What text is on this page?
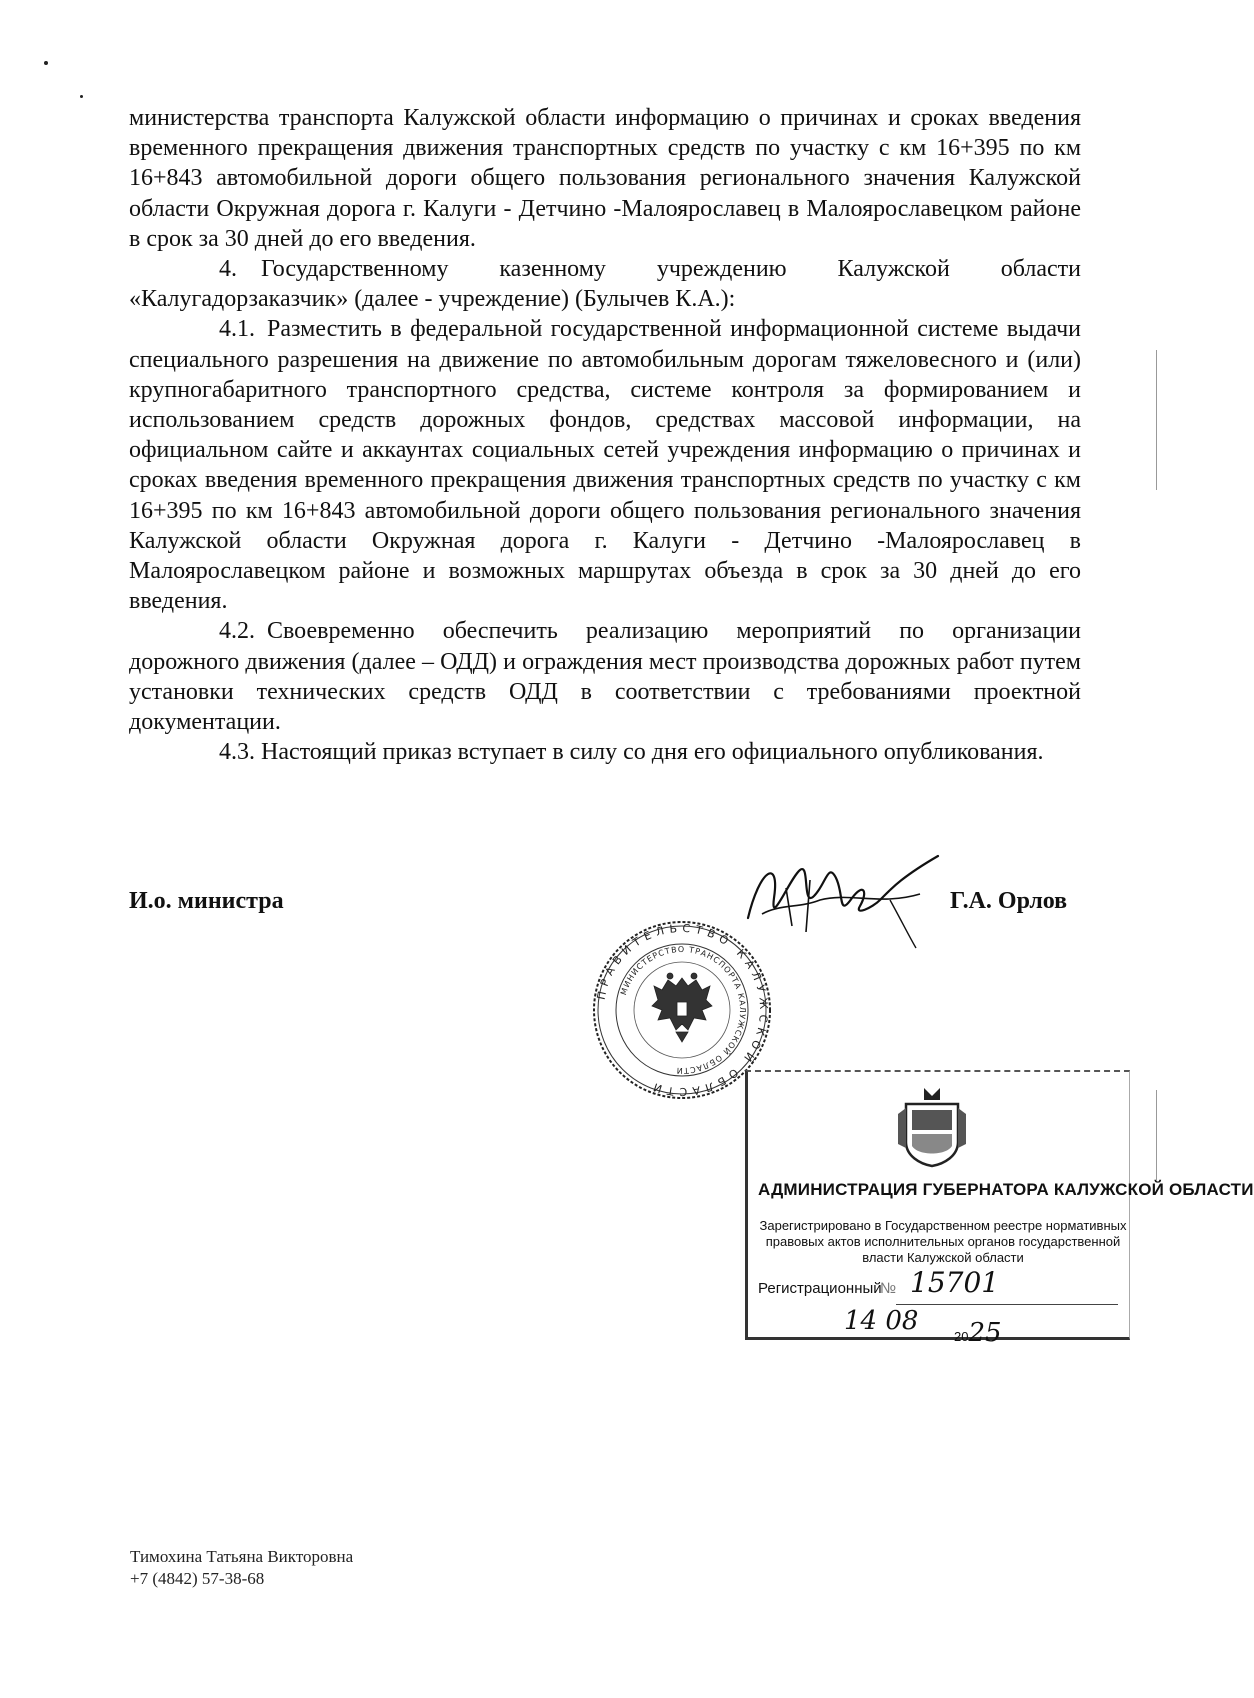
министерства транспорта Калужской области информацию о причинах и сроках введения временного прекращения движения транспортных средств по участку с км 16+395 по км 16+843 автомобильной дороги общего пользования регионального значения Калужской области Окружная дорога г. Калуги - Детчино -Малоярославец в Малоярославецком районе в срок за 30 дней до его введения.

4. Государственному казенному учреждению Калужской области «Калугадорзаказчик» (далее - учреждение) (Булычев К.А.):

4.1. Разместить в федеральной государственной информационной системе выдачи специального разрешения на движение по автомобильным дорогам тяжеловесного и (или) крупногабаритного транспортного средства, системе контроля за формированием и использованием средств дорожных фондов, средствах массовой информации, на официальном сайте и аккаунтах социальных сетей учреждения информацию о причинах и сроках введения временного прекращения движения транспортных средств по участку с км 16+395 по км 16+843 автомобильной дороги общего пользования регионального значения Калужской области Окружная дорога г. Калуги - Детчино -Малоярославец в Малоярославецком районе и возможных маршрутах объезда в срок за 30 дней до его введения.

4.2. Своевременно обеспечить реализацию мероприятий по организации дорожного движения (далее – ОДД) и ограждения мест производства дорожных работ путем установки технических средств ОДД в соответствии с требованиями проектной документации.

4.3. Настоящий приказ вступает в силу со дня его официального опубликования.

И.о. министра	Г.А. Орлов
ПРАВИТЕЛЬСТВО КАЛУЖСКОЙ ОБЛАСТИ
МИНИСТЕРСТВО ТРАНСПОРТА КАЛУЖСКОЙ ОБЛАСТИ
АДМИНИСТРАЦИЯ ГУБЕРНАТОРА КАЛУЖСКОЙ ОБЛАСТИ
Зарегистрировано в Государственном реестре нормативных правовых актов исполнительных органов государственной власти Калужской области
Регистрационный
№ 15701
14 08
2025
Тимохина Татьяна Викторовна
+7 (4842) 57-38-68
